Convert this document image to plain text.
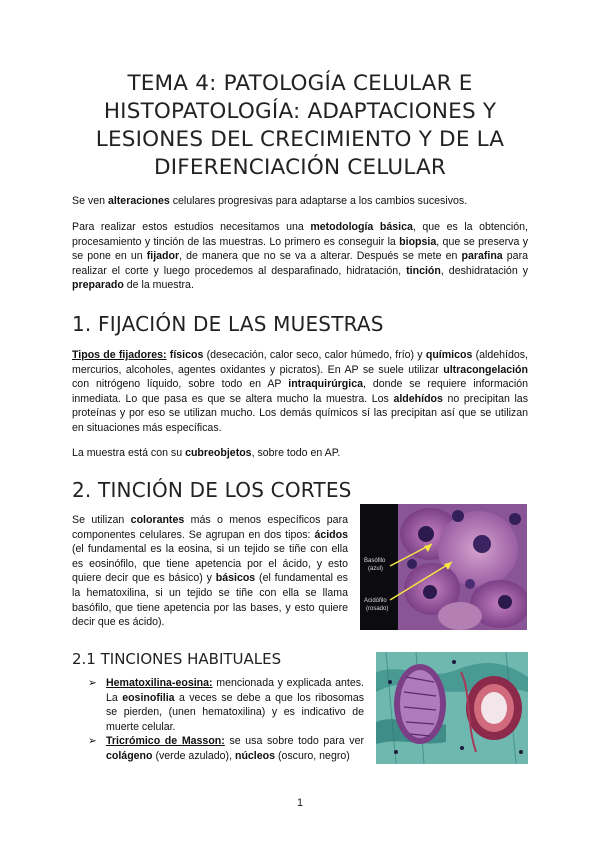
TEMA 4: PATOLOGÍA CELULAR E HISTOPATOLOGÍA: ADAPTACIONES Y LESIONES DEL CRECIMIENTO Y DE LA DIFERENCIACIÓN CELULAR
Se ven alteraciones celulares progresivas para adaptarse a los cambios sucesivos.
Para realizar estos estudios necesitamos una metodología básica, que es la obtención, procesamiento y tinción de las muestras. Lo primero es conseguir la biopsia, que se preserva y se pone en un fijador, de manera que no se va a alterar. Después se mete en parafina para realizar el corte y luego procedemos al desparafinado, hidratación, tinción, deshidratación y preparado de la muestra.
1. FIJACIÓN DE LAS MUESTRAS
Tipos de fijadores: físicos (desecación, calor seco, calor húmedo, frío) y químicos (aldehídos, mercurios, alcoholes, agentes oxidantes y picratos). En AP se suele utilizar ultracongelación con nitrógeno líquido, sobre todo en AP intraquirúrgica, donde se requiere información inmediata. Lo que pasa es que se altera mucho la muestra. Los aldehídos no precipitan las proteínas y por eso se utilizan mucho. Los demás químicos sí las precipitan así que se utilizan en situaciones más específicas.
La muestra está con su cubreobjetos, sobre todo en AP.
2. TINCIÓN DE LOS CORTES
Se utilizan colorantes más o menos específicos para componentes celulares. Se agrupan en dos tipos: ácidos (el fundamental es la eosina, si un tejido se tiñe con ella es eosinófilo, que tiene apetencia por el ácido, y esto quiere decir que es básico) y básicos (el fundamental es la hematoxilina, si un tejido se tiñe con ella se llama basófilo, que tiene apetencia por las bases, y esto quiere decir que es ácido).
Basófilo
(azul)
Acidófilo
(rosado)
2.1 TINCIONES HABITUALES
➢ Hematoxilina-eosina: mencionada y explicada antes. La eosinofilia a veces se debe a que los ribosomas se pierden, (unen hematoxilina) y es indicativo de muerte celular.
➢ Tricrómico de Masson: se usa sobre todo para ver colágeno (verde azulado), núcleos (oscuro, negro)
1
